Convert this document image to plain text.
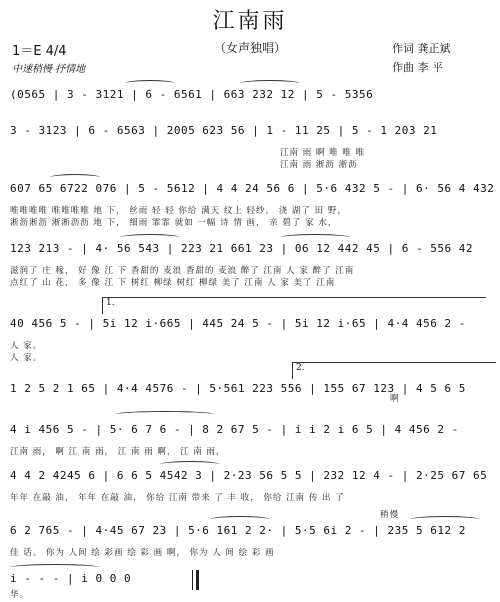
江南雨
（女声独唱）
1＝E 4/4
中速稍慢 抒情地
作词 龚正斌
作曲 李 平
(0565 | 3 - 3121 | 6 - 6561 | 663 232 12 | 5 - 5356
3 - 3123 | 6 - 6563 | 2005 623 56 | 1 - 11 25 | 5 - 1 203 21
江南 雨 啊 唯 唯 唯
江南 雨 淅沥 淅沥
607 65 6722 076 | 5 - 5612 | 4 4 24 56 6 | 5·6 432 5 - | 6· 56 4 432
唯唯唯唯 唯唯唯唯 地 下， 丝雨 轻 轻 你给 满天 纹上 轻纱， 浇 湖了 田 野，
淅沥淅沥 淅淅沥沥 地 下， 细雨 霏霏 就如 一幅 诗 情 画， 亲 碧了 家 水，
123 213 - | 4· 56 543 | 223 21 661 23 | 06 12 442 45 | 6 - 556 42
滋润了 庄 稼， 好 像 江 下 香甜的 麦浪 香甜的 麦浪 醉了 江南 人 家 醉了 江南
点红了 山 花， 多 像 江 下 树红 柳绿 树红 柳绿 美了 江南 人 家 美了 江南
1.
40 456 5 - | 5i 12 i·665 | 445 24 5 - | 5i 12 i·65 | 4·4 456 2 -
人 家。
人 家。
2.
1 2 5 2 1 65 | 4·4 4576 - | 5·561 223 556 | 155 67 123 | 4 5 6 5
啊
4 i 456 5 - | 5· 6 7 6 - | 8 2 67 5 - | i i 2 i 6 5 | 4 456 2 -
江南 雨， 啊 江 南 雨， 江 南 雨 啊， 江 南 雨，
4 4 2 4245 6 | 6 6 5 4542 3 | 2·23 56 5 5 | 232 12 4 - | 2·25 67 65
年年 在敲 油， 年年 在敲 油， 你给 江南 带来 了 丰 收， 你给 江南 传 出 了
6 2 765 - | 4·45 67 23 | 5·6 161 2 2· | 5·5 6i 2 - | 235 5 612 2
佳 话。 你为 人间 绘 彩画 绘 彩 画 啊， 你为 人 间 绘 彩 画
稍慢
i - - - | i 0 0 0
华。
